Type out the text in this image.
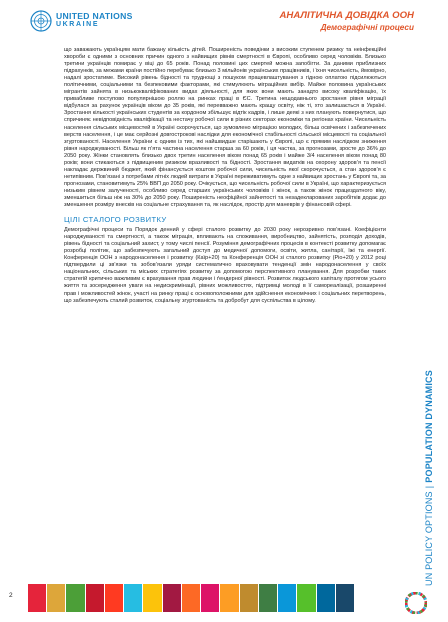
UNITED NATIONS
UKRAINE
АНАЛІТИЧНА ДОВІДКА ООН
Демографічні процеси

що заважають українцям мати бажану кількість дітей. Поширеність поведінки з високим ступенем ризику та неінфекційні хвороби є одними з основних причин одного з найвищих рівнів смертності в Європі, особливо серед чоловіків. Близько третини українців помирає у віці до 65 років. Понад половині цих смертей можна запобігти. За даними приблизних підрахунків, за межами країни постійно перебуває близько 3 мільйонів українських працівників, і їхня чисельність, ймовірно, надалі зростатиме. Високий рівень бідності та труднощі з пошуком працевлаштування з гідною оплатою підсилюються політичними, соціальними та безпековими факторами, які стимулюють міграційних вибір. Майже половина українських мігрантів зайнята в низькокваліфікованих видах діяльності, для яких вони мають занадто високу кваліфікацію, їх привабливе поступово популярнішою роллю на ринках праці в ЄС. Третина нещодавнього зростання рівня міграції відбулася за рахунок українців віком до 35 років, які перевважно мають кращу освіту, ніж ті, хто залишається в Україні. Зростання кількості українських студентів за кордоном збільшує відтік кадрів, і лише деякі з них планують повернутися, що спричиняє невідповідність кваліфікації та нестачу робочої сили в різних секторах економіки та регіонах країни. Чисельність населення сільських місцевостей в Україні скорочується, що зумовлено міграцією молодих, більш освічених і забезпечених верств населення, і це має серйозні довгострокові наслідки для економічної стабільності сільської місцевості та соціальної згуртованості. Населення України є одним із тих, які найшвидше старішають у Європі, що є прямим наслідком зниження рівня народжуваності. Більш як п’ята частина населення старша за 60 років, і ця частка, за прогнозами, зросте до 36% до 2050 року. Жінки становлять близько двох третин населення віком понад 65 років і майже 3/4 населення віком понад 80 років; вони стикаються з підвищеним ризиком вразливості та бідності. Зростання видатків на охорону здоров’я та пенсії накладає держвиний бюджет, який фінансується коштом робочої сили, чисельність якої скорочується, а стан здоров’я є нетипівним. Пов’язані з потребами літніх людей витрати в Україні переживатимуть одне з найвищих зростань у Європі та, за прогнозами, становитимуть 25% ВВП до 2050 року. Очікується, що чисельність робочої сили в Україні, що характеризується низьким рівнем залученості, особливо серед старших українських чоловіків і жінок, а також жінок працездатного віку, зменшиться більш ніж на 30% до 2050 року. Поширеність неофіційної зайнятості та незадекларованих заробітків додає до зменшення розміру внесків на соціальне страхування та, як наслідок, простір для маневрів у фінансовій сфері.

ЦІЛІ СТАЛОГО РОЗВИТКУ

Демографічні процеси та Порядок денний у сфері сталого розвитку до 2030 року нерозривно пов’язані. Коефіцієнти народжуваності та смертності, а також міграція, впливають на споживання, виробництво, зайнятість, розподіл доходів, рівень бідності та соціальний захист, у тому числі пенсії. Розуміння демографічних процесів в контексті розвитку допомагає розробці політик, що забезпечують загальний доступ до медичної допомоги, освіти, житла, санітарії, їжі та енергії. Конференція ООН з народонаселення і розвитку (Каїр+20) та Конференція ООН зі сталого розвитку (Ріо+20) у 2012 році підтвердили ці зв’язки та зобов’язали уряди систематично враховувати тенденції змін народонаселення у своїх національних, сільських та міських стратегіях розвитку за допомогою перспективного планування. Для розробки таких стратегій критично важливим є врахування прав людини і ґендерної рівності. Розвиток людського капіталу протягом усього життя та зосередження уваги на недискримінації, рівних можливостях, підтримці молоді в її самореалізації, розширенні прав і можливостей жінок, участі на ринку праці є основоположними для здійснення економічних і соціальних перетворень, що забезпечують сталий розвиток, соціальну згуртованість та добробут для суспільства в цілому.

UN POLICY OPTIONS|POPULATION DYNAMICS
2
